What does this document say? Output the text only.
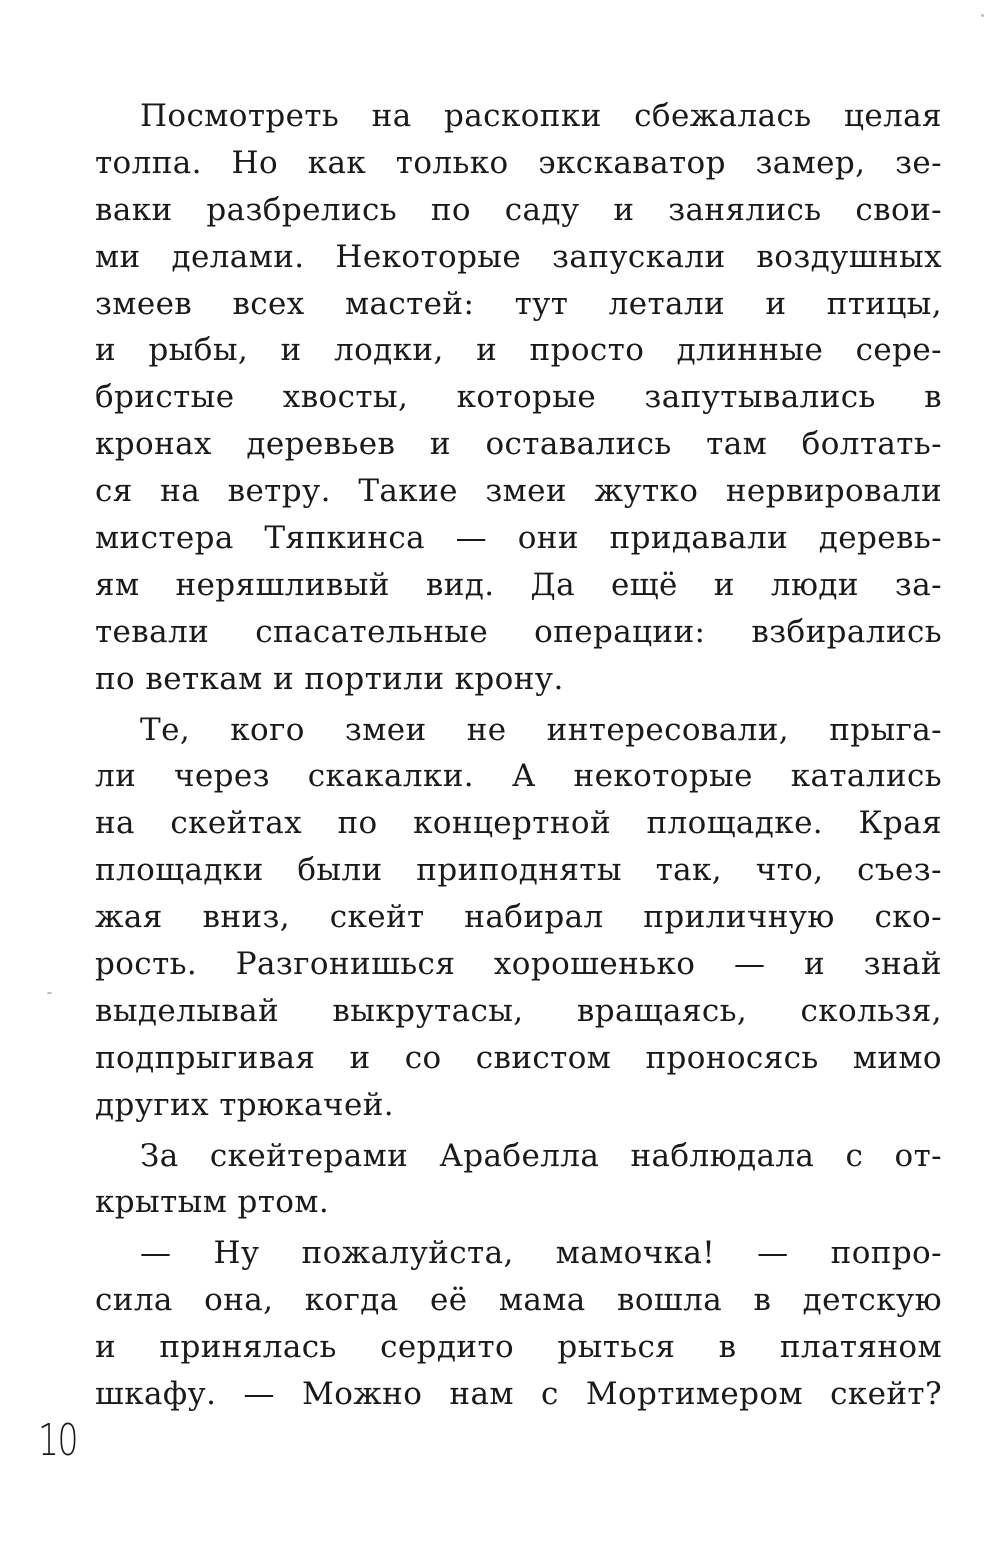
Посмотреть на раскопки сбежалась целая
толпа. Но как только экскаватор замер, зе-
ваки разбрелись по саду и занялись свои-
ми делами. Некоторые запускали воздушных
змеев всех мастей: тут летали и птицы,
и рыбы, и лодки, и просто длинные сере-
бристые хвосты, которые запутывались в
кронах деревьев и оставались там болтать-
ся на ветру. Такие змеи жутко нервировали
мистера Тяпкинса — они придавали деревь-
ям неряшливый вид. Да ещё и люди за-
тевали спасательные операции: взбирались
по веткам и портили крону.
Те, кого змеи не интересовали, прыга-
ли через скакалки. А некоторые катались
на скейтах по концертной площадке. Края
площадки были приподняты так, что, съез-
жая вниз, скейт набирал приличную ско-
рость. Разгонишься хорошенько — и знай
выделывай выкрутасы, вращаясь, скользя,
подпрыгивая и со свистом проносясь мимо
других трюкачей.
За скейтерами Арабелла наблюдала с от-
крытым ртом.
— Ну пожалуйста, мамочка! — попро-
сила она, когда её мама вошла в детскую
и принялась сердито рыться в платяном
шкафу. — Можно нам с Мортимером скейт?
10
